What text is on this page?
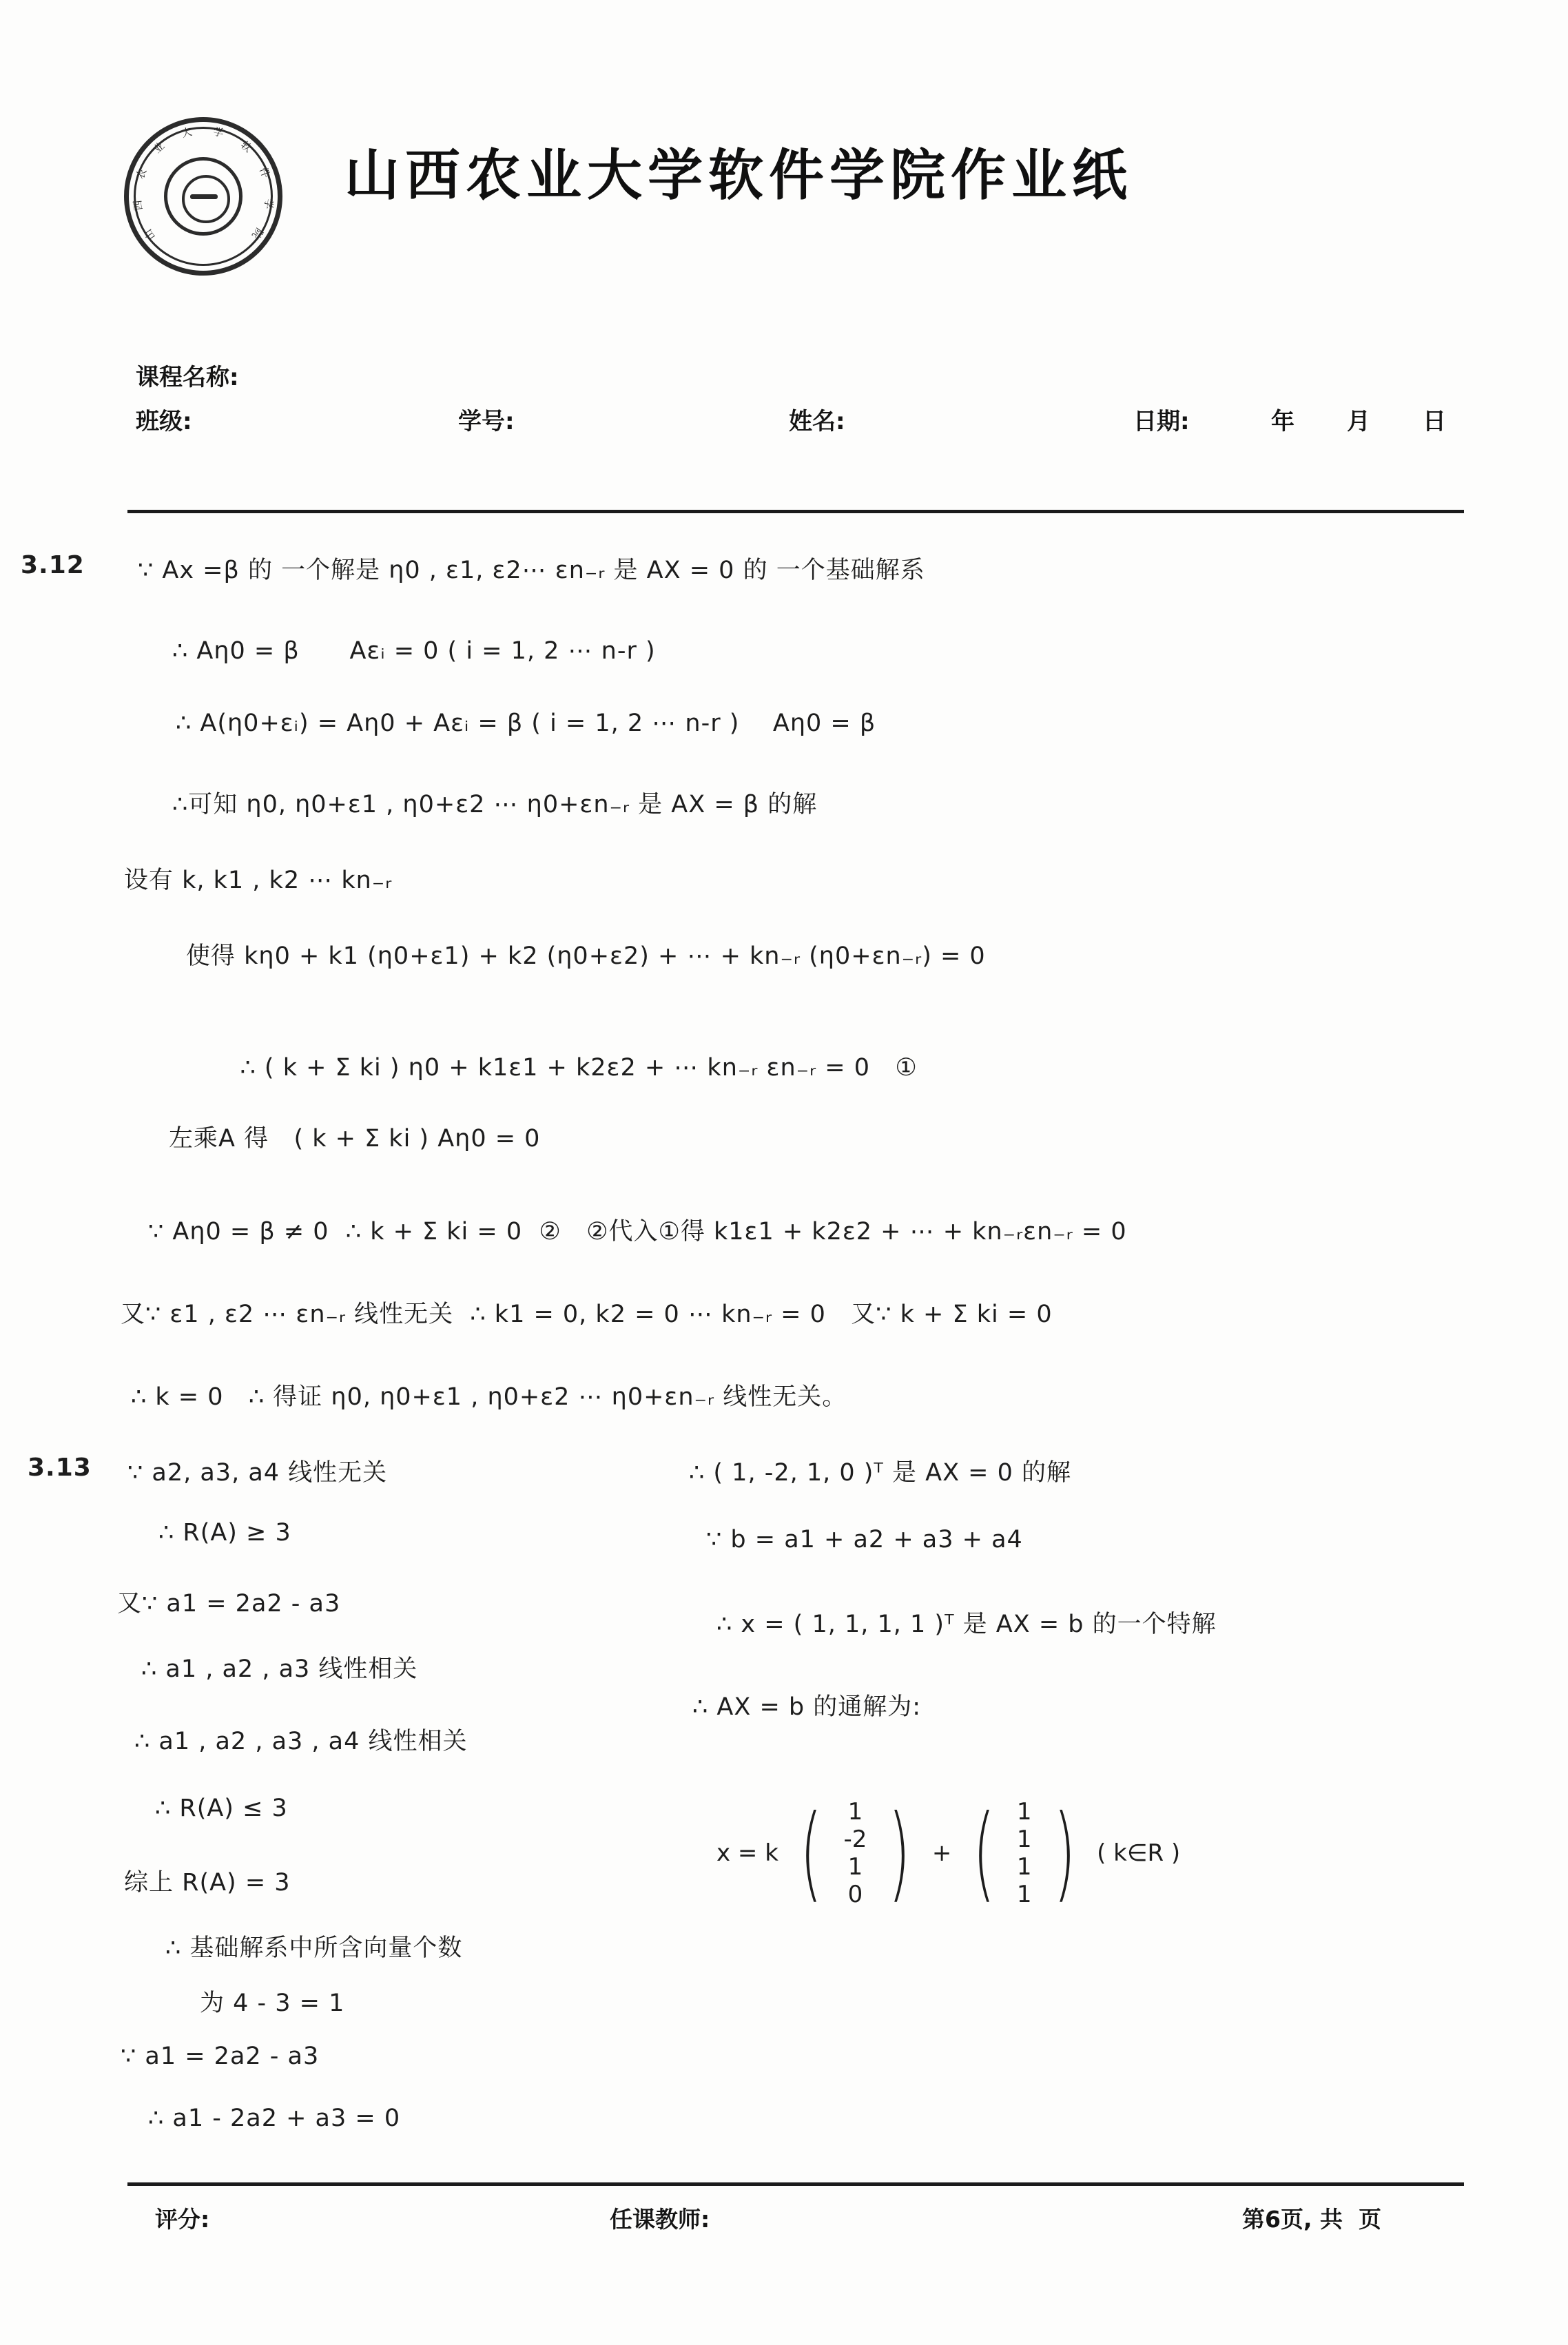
山
西
农
业
大 学
软
件
学
院
山西农业大学软件学院作业纸
课程名称:
班级:	学号:	姓名:	日期:	年 月 日
3.12 ∵ Ax =β 的 一个解是 η0 , ε1, ε2⋯ εn₋ᵣ 是 AX = 0 的 一个基础解系
∴ Aη0 = β      Aεᵢ = 0 ( i = 1, 2 ⋯ n-r )
∴ A(η0+εᵢ) = Aη0 + Aεᵢ = β ( i = 1, 2 ⋯ n-r )    Aη0 = β
∴可知 η0, η0+ε1 , η0+ε2 ⋯ η0+εn₋ᵣ 是 AX = β 的解
设有 k, k1 , k2 ⋯ kn₋ᵣ
使得 kη0 + k1 (η0+ε1) + k2 (η0+ε2) + ⋯ + kn₋ᵣ (η0+εn₋ᵣ) = 0

∴ ( k + Σ ki ) η0 + k1ε1 + k2ε2 + ⋯ kn₋ᵣ εn₋ᵣ = 0   ①

左乘A 得   ( k + Σ ki ) Aη0 = 0
∵ Aη0 = β ≠ 0  ∴ k + Σ ki = 0  ②   ②代入①得 k1ε1 + k2ε2 + ⋯ + kn₋ᵣεn₋ᵣ = 0
又∵ ε1 , ε2 ⋯ εn₋ᵣ 线性无关  ∴ k1 = 0, k2 = 0 ⋯ kn₋ᵣ = 0   又∵ k + Σ ki = 0
∴ k = 0   ∴ 得证 η0, η0+ε1 , η0+ε2 ⋯ η0+εn₋ᵣ 线性无关。
3.13 ∵ a2, a3, a4 线性无关
∴ R(A) ≥ 3
又∵ a1 = 2a2 - a3
∴ a1 , a2 , a3 线性相关
∴ a1 , a2 , a3 , a4 线性相关
∴ R(A) ≤ 3
综上 R(A) = 3
∴ 基础解系中所含向量个数
为 4 - 3 = 1
∵ a1 = 2a2 - a3
∴ a1 - 2a2 + a3 = 0
∴ ( 1, -2, 1, 0 )ᵀ 是 AX = 0 的解
∵ b = a1 + a2 + a3 + a4
∴ x = ( 1, 1, 1, 1 )ᵀ 是 AX = b 的一个特解
∴ AX = b 的通解为:
x = k ( 1
-2
1
0 ) + ( 1
1
1
1 ) ( k∈R )
评分:	任课教师:	第6页, 共 页
